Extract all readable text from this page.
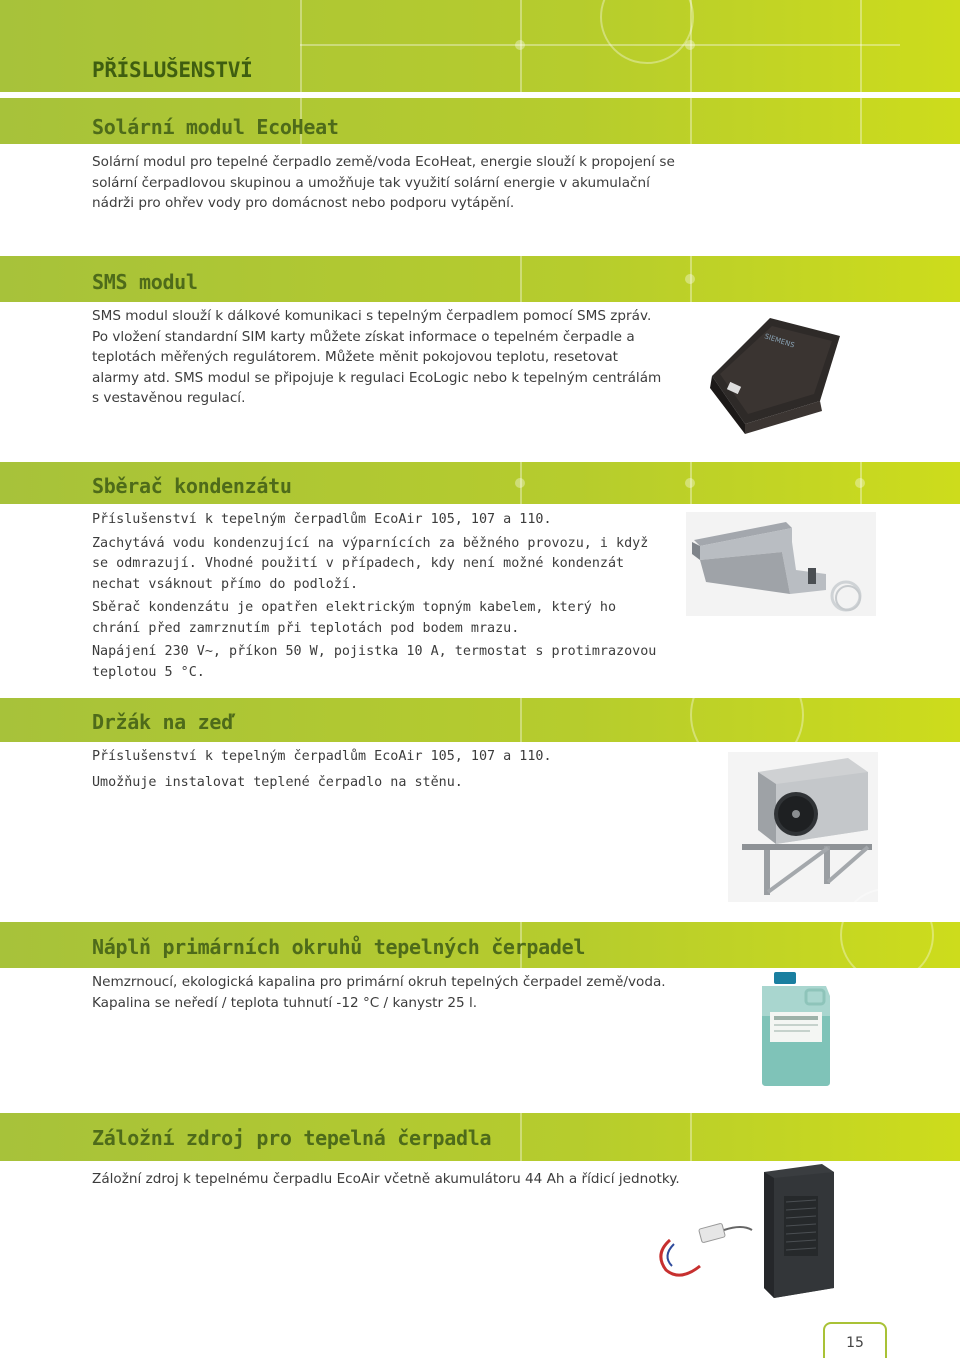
PŘÍSLUŠENSTVÍ
Solární modul EcoHeat

Solární modul pro tepelné čerpadlo země/voda EcoHeat, energie slouží k propojení se solární čerpadlovou skupinou a umožňuje tak využití solární energie v akumulační nádrži pro ohřev vody pro domácnost nebo podporu vytápění.

SMS modul

SMS modul slouží k dálkové komunikaci s tepelným čerpadlem pomocí SMS zpráv. Po vložení standardní SIM karty můžete získat informace o tepelném čerpadle a teplotách měřených regulátorem. Můžete měnit pokojovou teplotu, resetovat alarmy atd. SMS modul se připojuje k regulaci EcoLogic nebo k tepelným centrálám s vestavěnou regulací.

SIEMENS
Sběrač kondenzátu

Příslušenství k tepelným čerpadlům EcoAir 105, 107 a 110.

Zachytává vodu kondenzující na výparnících za běžného provozu, i když se odmrazují. Vhodné použití v případech, kdy není možné kondenzát nechat vsáknout přímo do podloží.

Sběrač kondenzátu je opatřen elektrickým topným kabelem, který ho chrání před zamrznutím při teplotách pod bodem mrazu.

Napájení 230 V~, příkon 50 W, pojistka 10 A, termostat s protimrazovou teplotou 5 °C.

Držák na zeď

Příslušenství k tepelným čerpadlům EcoAir 105, 107 a 110.

Umožňuje instalovat teplené čerpadlo na stěnu.

Náplň primárních okruhů tepelných čerpadel

Nemzrnoucí, ekologická kapalina pro primární okruh tepelných čerpadel země/voda. Kapalina se neředí / teplota tuhnutí -12 °C / kanystr 25 l.

Záložní zdroj pro tepelná čerpadla

Záložní zdroj k tepelnému čerpadlu EcoAir včetně akumulátoru 44 Ah a řídicí jednotky.

15
